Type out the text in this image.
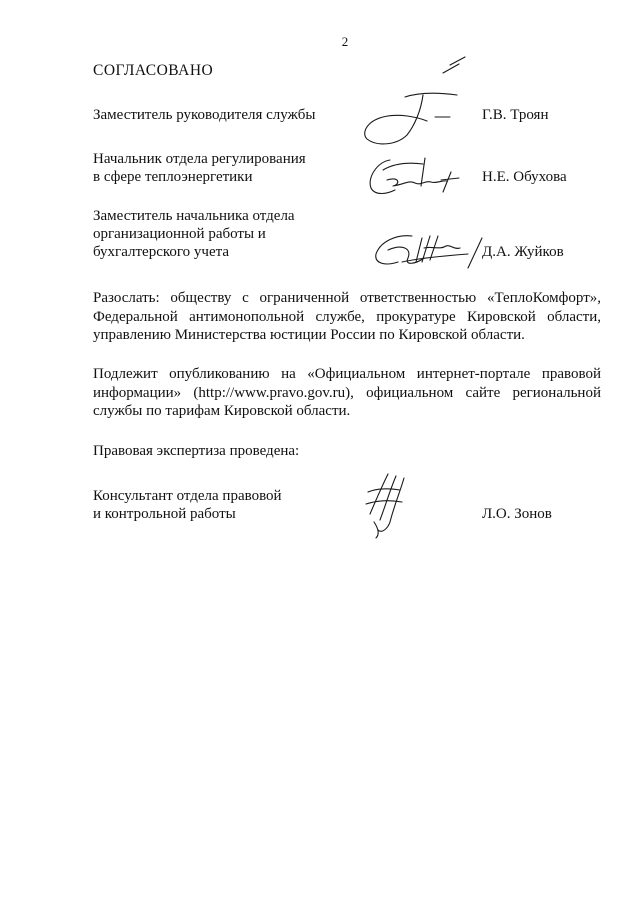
2
СОГЛАСОВАНО
Заместитель руководителя службы	Г.В. Троян
Начальник отдела регулирования
в сфере теплоэнергетики	Н.Е. Обухова
Заместитель начальника отдела
организационной работы и
бухгалтерского учета	Д.А. Жуйков
Разослать: обществу с ограниченной ответственностью «ТеплоКомфорт»,
Федеральной антимонопольной службе, прокуратуре Кировской области,
управлению Министерства юстиции России по Кировской области.
Подлежит опубликованию на «Официальном интернет-портале правовой
информации» (http://www.pravo.gov.ru), официальном сайте региональной
службы по тарифам Кировской области.
Правовая экспертиза проведена:
Консультант отдела правовой
и контрольной работы	Л.О. Зонов
